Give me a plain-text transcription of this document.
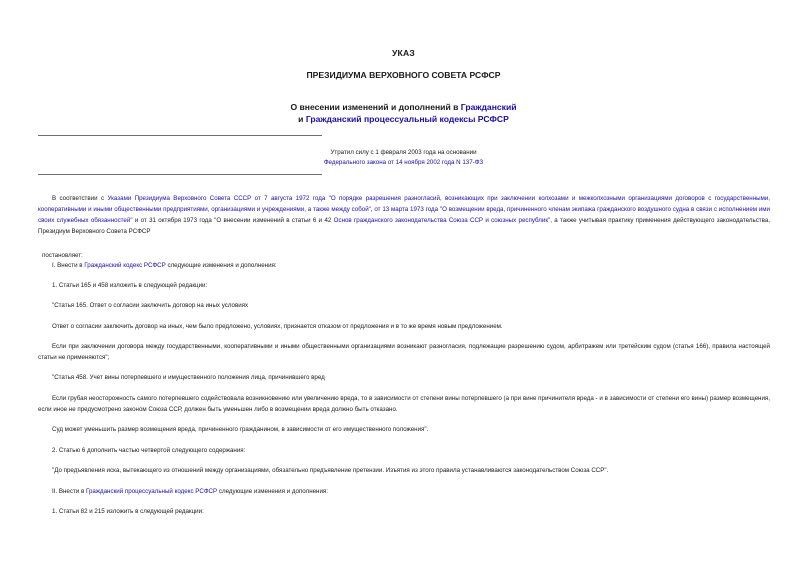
УКАЗ
ПРЕЗИДИУМА ВЕРХОВНОГО СОВЕТА РСФСР
О внесении изменений и дополнений в Гражданский
и Гражданский процессуальный кодексы РСФСР
Утратил силу с 1 февраля 2003 года на основании
Федерального закона от 14 ноября 2002 года N 137-ФЗ
В соответствии с Указами Президиума Верховного Совета СССР от 7 августа 1972 года "О порядке разрешения разногласий, возникающих при заключении колхозами и межколхозными организациями договоров с государственными, кооперативными и иными общественными предприятиями, организациями и учреждениями, а также между собой", от 13 марта 1973 года "О возмещении вреда, причиненного членам экипажа гражданского воздушного судна в связи с исполнением ими своих служебных обязанностей" и от 31 октября 1973 года "О внесении изменений в статьи 6 и 42 Основ гражданского законодательства Союза ССР и союзных республик", а также учитывая практику применения действующего законодательства, Президиум Верховного Совета РСФСР
постановляет:
I. Внести в Гражданский кодекс РСФСР следующие изменения и дополнения:
1. Статьи 165 и 458 изложить в следующей редакции:
"Статья 165. Ответ о согласии заключить договор на иных условиях
Ответ о согласии заключить договор на иных, чем было предложено, условиях, признается отказом от предложения и в то же время новым предложением.
Если при заключении договора между государственными, кооперативными и иными общественными организациями возникают разногласия, подлежащие разрешению судом, арбитражем или третейским судом (статья 166), правила настоящей статьи не применяются";
"Статья 458. Учет вины потерпевшего и имущественного положения лица, причинившего вред
Если грубая неосторожность самого потерпевшего содействовала возникновению или увеличению вреда, то в зависимости от степени вины потерпевшего (а при вине причинителя вреда - и в зависимости от степени его вины) размер возмещения, если иное не предусмотрено законом Союза ССР, должен быть уменьшен либо в возмещении вреда должно быть отказано.
Суд может уменьшить размер возмещения вреда, причиненного гражданином, в зависимости от его имущественного положения".
2. Статью 6 дополнить частью четвертой следующего содержания:
"До предъявления иска, вытекающего из отношений между организациями, обязательно предъявление претензии. Изъятия из этого правила устанавливаются законодательством Союза ССР".
II. Внести в Гражданский процессуальный кодекс РСФСР следующие изменения и дополнения:
1. Статьи 82 и 215 изложить в следующей редакции:
